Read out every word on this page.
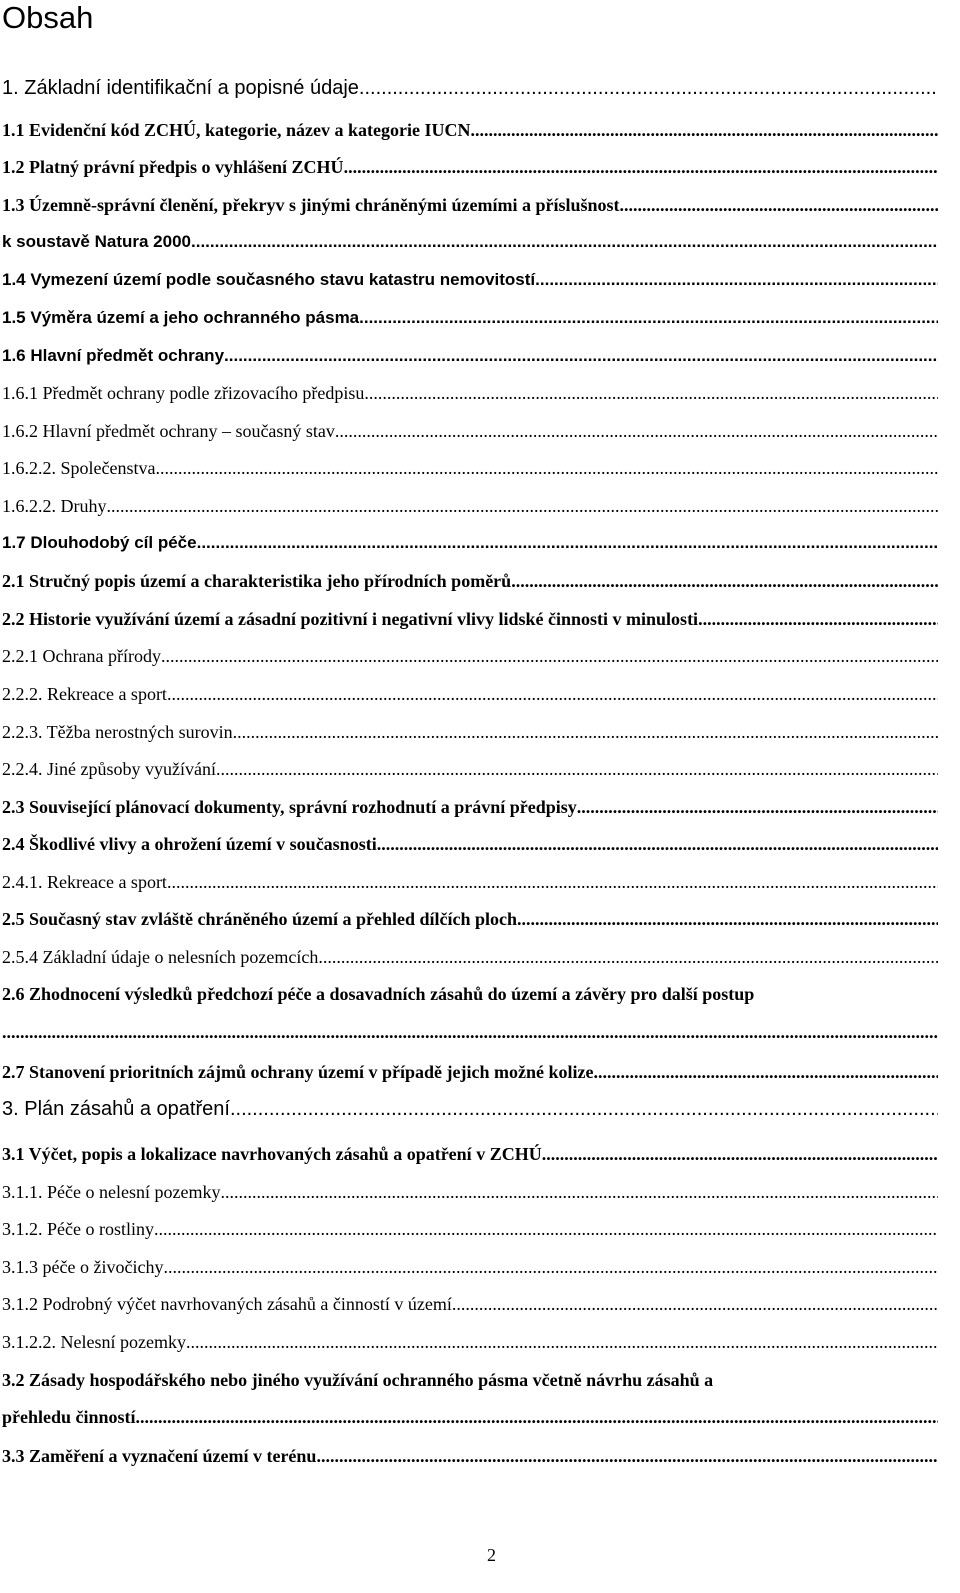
Obsah
1. Základní identifikační a popisné údaje
.....
1.1 Evidenční kód ZCHÚ, kategorie, název a kategorie IUCN
.....
1.2 Platný právní předpis o vyhlášení ZCHÚ
.....
1.3 Územně-správní členění, překryv s jinými chráněnými územími a příslušnost
.....
k soustavě Natura 2000
.....
1.4 Vymezení území podle současného stavu katastru nemovitostí
.....
1.5 Výměra území a jeho ochranného pásma
.....
1.6 Hlavní předmět ochrany
.....
1.6.1 Předmět ochrany podle zřizovacího předpisu
.....
1.6.2 Hlavní předmět ochrany – současný stav
.....
1.6.2.2. Společenstva
.....
1.6.2.2. Druhy
.....
1.7 Dlouhodobý cíl péče
.....
2.1 Stručný popis území a charakteristika jeho přírodních poměrů
.....
2.2 Historie využívání území a zásadní pozitivní i negativní vlivy lidské činnosti v minulosti
.....
2.2.1 Ochrana přírody
.....
2.2.2. Rekreace a sport
.....
2.2.3. Těžba nerostných surovin
.....
2.2.4. Jiné způsoby využívání
.....
2.3 Související plánovací dokumenty, správní rozhodnutí a právní předpisy
.....
2.4 Škodlivé vlivy a ohrožení území v současnosti
.....
2.4.1. Rekreace a sport
.....
2.5 Současný stav zvláště chráněného území a přehled dílčích ploch
.....
2.5.4 Základní údaje o nelesních pozemcích
.....
2.6 Zhodnocení výsledků předchozí péče a dosavadních zásahů do území a závěry pro další postup
.....
2.7 Stanovení prioritních zájmů ochrany území v případě jejich možné kolize
.....
3. Plán zásahů a opatření
.....
3.1 Výčet, popis a lokalizace navrhovaných zásahů a opatření v ZCHÚ
.....
3.1.1. Péče o nelesní pozemky
.....
3.1.2. Péče o rostliny
.....
3.1.3 péče o živočichy
.....
3.1.2 Podrobný výčet navrhovaných zásahů a činností v území
.....
3.1.2.2. Nelesní pozemky
.....
3.2 Zásady hospodářského nebo jiného využívání ochranného pásma včetně návrhu zásahů a
přehledu činností
.....
3.3 Zaměření a vyznačení území v terénu
.....
2
